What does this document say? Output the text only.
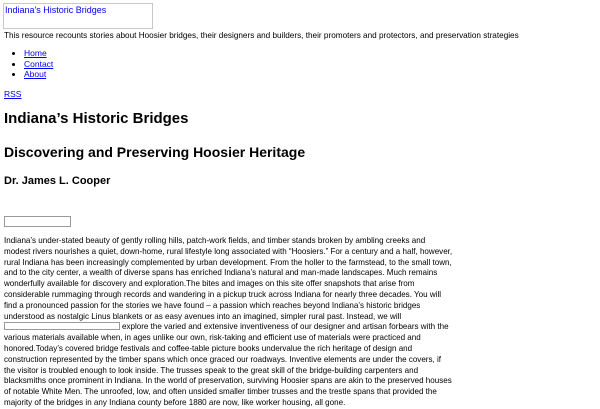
Indiana's Historic Bridges
This resource recounts stories about Hoosier bridges, their designers and builders, their promoters and protectors, and preservation strategies
• Home
• Contact
• About
RSS
Indiana’s Historic Bridges
Discovering and Preserving Hoosier Heritage
Dr. James L. Cooper
Indiana’s under-stated beauty of gently rolling hills, patch-work fields, and timber stands broken by ambling creeks and
modest rivers nourishes a quiet, down-home, rural lifestyle long associated with “Hoosiers.” For a century and a half, however,
rural Indiana has been increasingly complemented by urban development. From the holler to the farmstead, to the small town,
and to the city center, a wealth of diverse spans has enriched Indiana’s natural and man-made landscapes. Much remains
wonderfully available for discovery and exploration.The bites and images on this site offer snapshots that arise from
considerable rummaging through records and wandering in a pickup truck across Indiana for nearly three decades. You will
find a pronounced passion for the stories we have found – a passion which reaches beyond Indiana’s historic bridges
understood as nostalgic Linus blankets or as easy avenues into an imagined, simpler rural past. Instead, we will
explore the varied and extensive inventiveness of our designer and artisan forbears with the
various materials available when, in ages unlike our own, risk-taking and efficient use of materials were practiced and
honored.Today’s covered bridge festivals and coffee-table picture books undervalue the rich heritage of design and
construction represented by the timber spans which once graced our roadways. Inventive elements are under the covers, if
the visitor is troubled enough to look inside. The trusses speak to the great skill of the bridge-building carpenters and
blacksmiths once prominent in Indiana. In the world of preservation, surviving Hoosier spans are akin to the preserved houses
of notable White Men. The unroofed, low, and often unsided smaller timber trusses and the trestle spans that provided the
majority of the bridges in any Indiana county before 1880 are now, like worker housing, all gone.
